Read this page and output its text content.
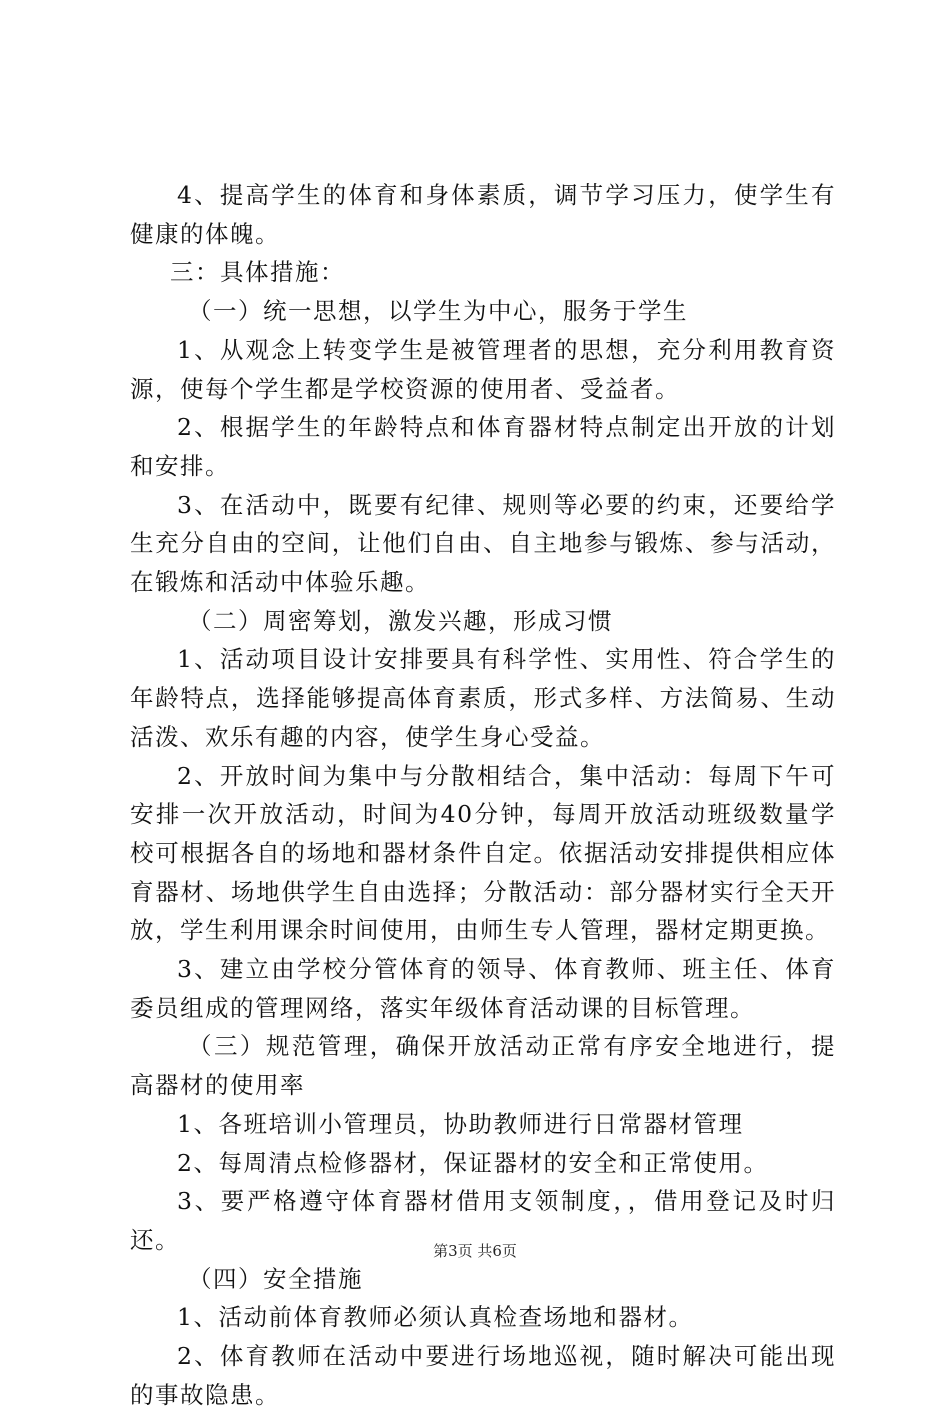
4、提高学生的体育和身体素质，调节学习压力，使学生有健康的体魄。

三：具体措施：

（一）统一思想，以学生为中心，服务于学生

1、从观念上转变学生是被管理者的思想，充分利用教育资源，使每个学生都是学校资源的使用者、受益者。

2、根据学生的年龄特点和体育器材特点制定出开放的计划和安排。

3、在活动中，既要有纪律、规则等必要的约束，还要给学生充分自由的空间，让他们自由、自主地参与锻炼、参与活动，在锻炼和活动中体验乐趣。

（二）周密筹划，激发兴趣，形成习惯

1、活动项目设计安排要具有科学性、实用性、符合学生的年龄特点，选择能够提高体育素质，形式多样、方法简易、生动活泼、欢乐有趣的内容，使学生身心受益。

2、开放时间为集中与分散相结合，集中活动：每周下午可安排一次开放活动，时间为40分钟，每周开放活动班级数量学校可根据各自的场地和器材条件自定。依据活动安排提供相应体育器材、场地供学生自由选择；分散活动：部分器材实行全天开放，学生利用课余时间使用，由师生专人管理，器材定期更换。

3、建立由学校分管体育的领导、体育教师、班主任、体育委员组成的管理网络，落实年级体育活动课的目标管理。

（三）规范管理，确保开放活动正常有序安全地进行，提高器材的使用率

1、各班培训小管理员，协助教师进行日常器材管理

2、每周清点检修器材，保证器材的安全和正常使用。

3、要严格遵守体育器材借用支领制度，，借用登记及时归还。

（四）安全措施

1、活动前体育教师必须认真检查场地和器材。

2、体育教师在活动中要进行场地巡视，随时解决可能出现的事故隐患。

第3页 共6页
